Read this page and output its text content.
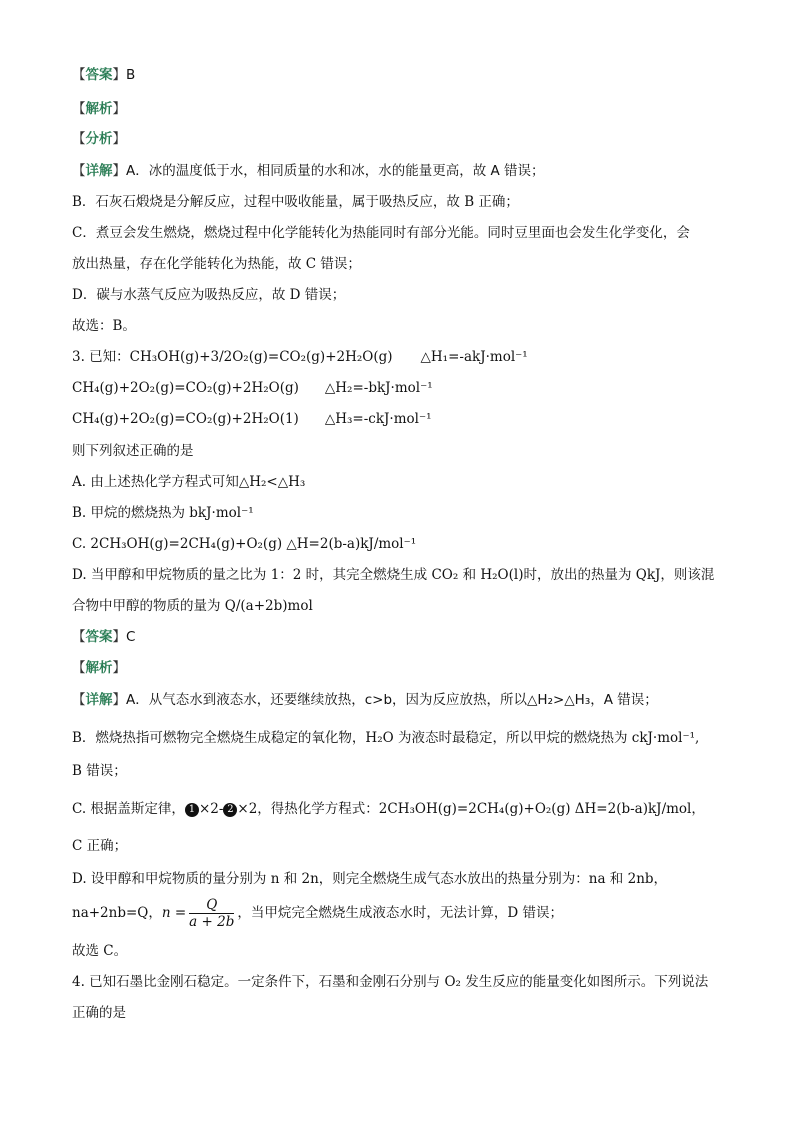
【答案】B
【解析】
【分析】
【详解】A．冰的温度低于水，相同质量的水和冰，水的能量更高，故 A 错误；
B．石灰石煅烧是分解反应，过程中吸收能量，属于吸热反应，故 B 正确；
C．煮豆会发生燃烧，燃烧过程中化学能转化为热能同时有部分光能。同时豆里面也会发生化学变化，会
放出热量，存在化学能转化为热能，故 C 错误；
D．碳与水蒸气反应为吸热反应，故 D 错误；
故选：B。
3. 已知：CH₃OH(g)+3/2O₂(g)=CO₂(g)+2H₂O(g) △H₁=-akJ·mol⁻¹
CH₄(g)+2O₂(g)=CO₂(g)+2H₂O(g) △H₂=-bkJ·mol⁻¹
CH₄(g)+2O₂(g)=CO₂(g)+2H₂O(1) △H₃=-ckJ·mol⁻¹
则下列叙述正确的是
A. 由上述热化学方程式可知△H₂<△H₃
B. 甲烷的燃烧热为 bkJ·mol⁻¹
C. 2CH₃OH(g)=2CH₄(g)+O₂(g) △H=2(b-a)kJ/mol⁻¹
D. 当甲醇和甲烷物质的量之比为 1：2 时，其完全燃烧生成 CO₂ 和 H₂O(l)时，放出的热量为 QkJ，则该混
合物中甲醇的物质的量为 Q/(a+2b)mol
【答案】C
【解析】
【详解】A．从气态水到液态水，还要继续放热，c>b，因为反应放热，所以△H₂>△H₃，A 错误；
B．燃烧热指可燃物完全燃烧生成稳定的氧化物，H₂O 为液态时最稳定，所以甲烷的燃烧热为 ckJ·mol⁻¹,
B 错误；
C. 根据盖斯定律， 1 ×2- 2 ×2，得热化学方程式：2CH₃OH(g)=2CH₄(g)+O₂(g) ΔH=2(b-a)kJ/mol，
C 正确；
D. 设甲醇和甲烷物质的量分别为 n 和 2n，则完全燃烧生成气态水放出的热量分别为：na 和 2nb，
na+2nb=Q，$n = \frac{Q}{a + 2b}$ ，当甲烷完全燃烧生成液态水时，无法计算，D 错误；
故选 C。
4. 已知石墨比金刚石稳定。一定条件下，石墨和金刚石分别与 O₂ 发生反应的能量变化如图所示。下列说法
正确的是
